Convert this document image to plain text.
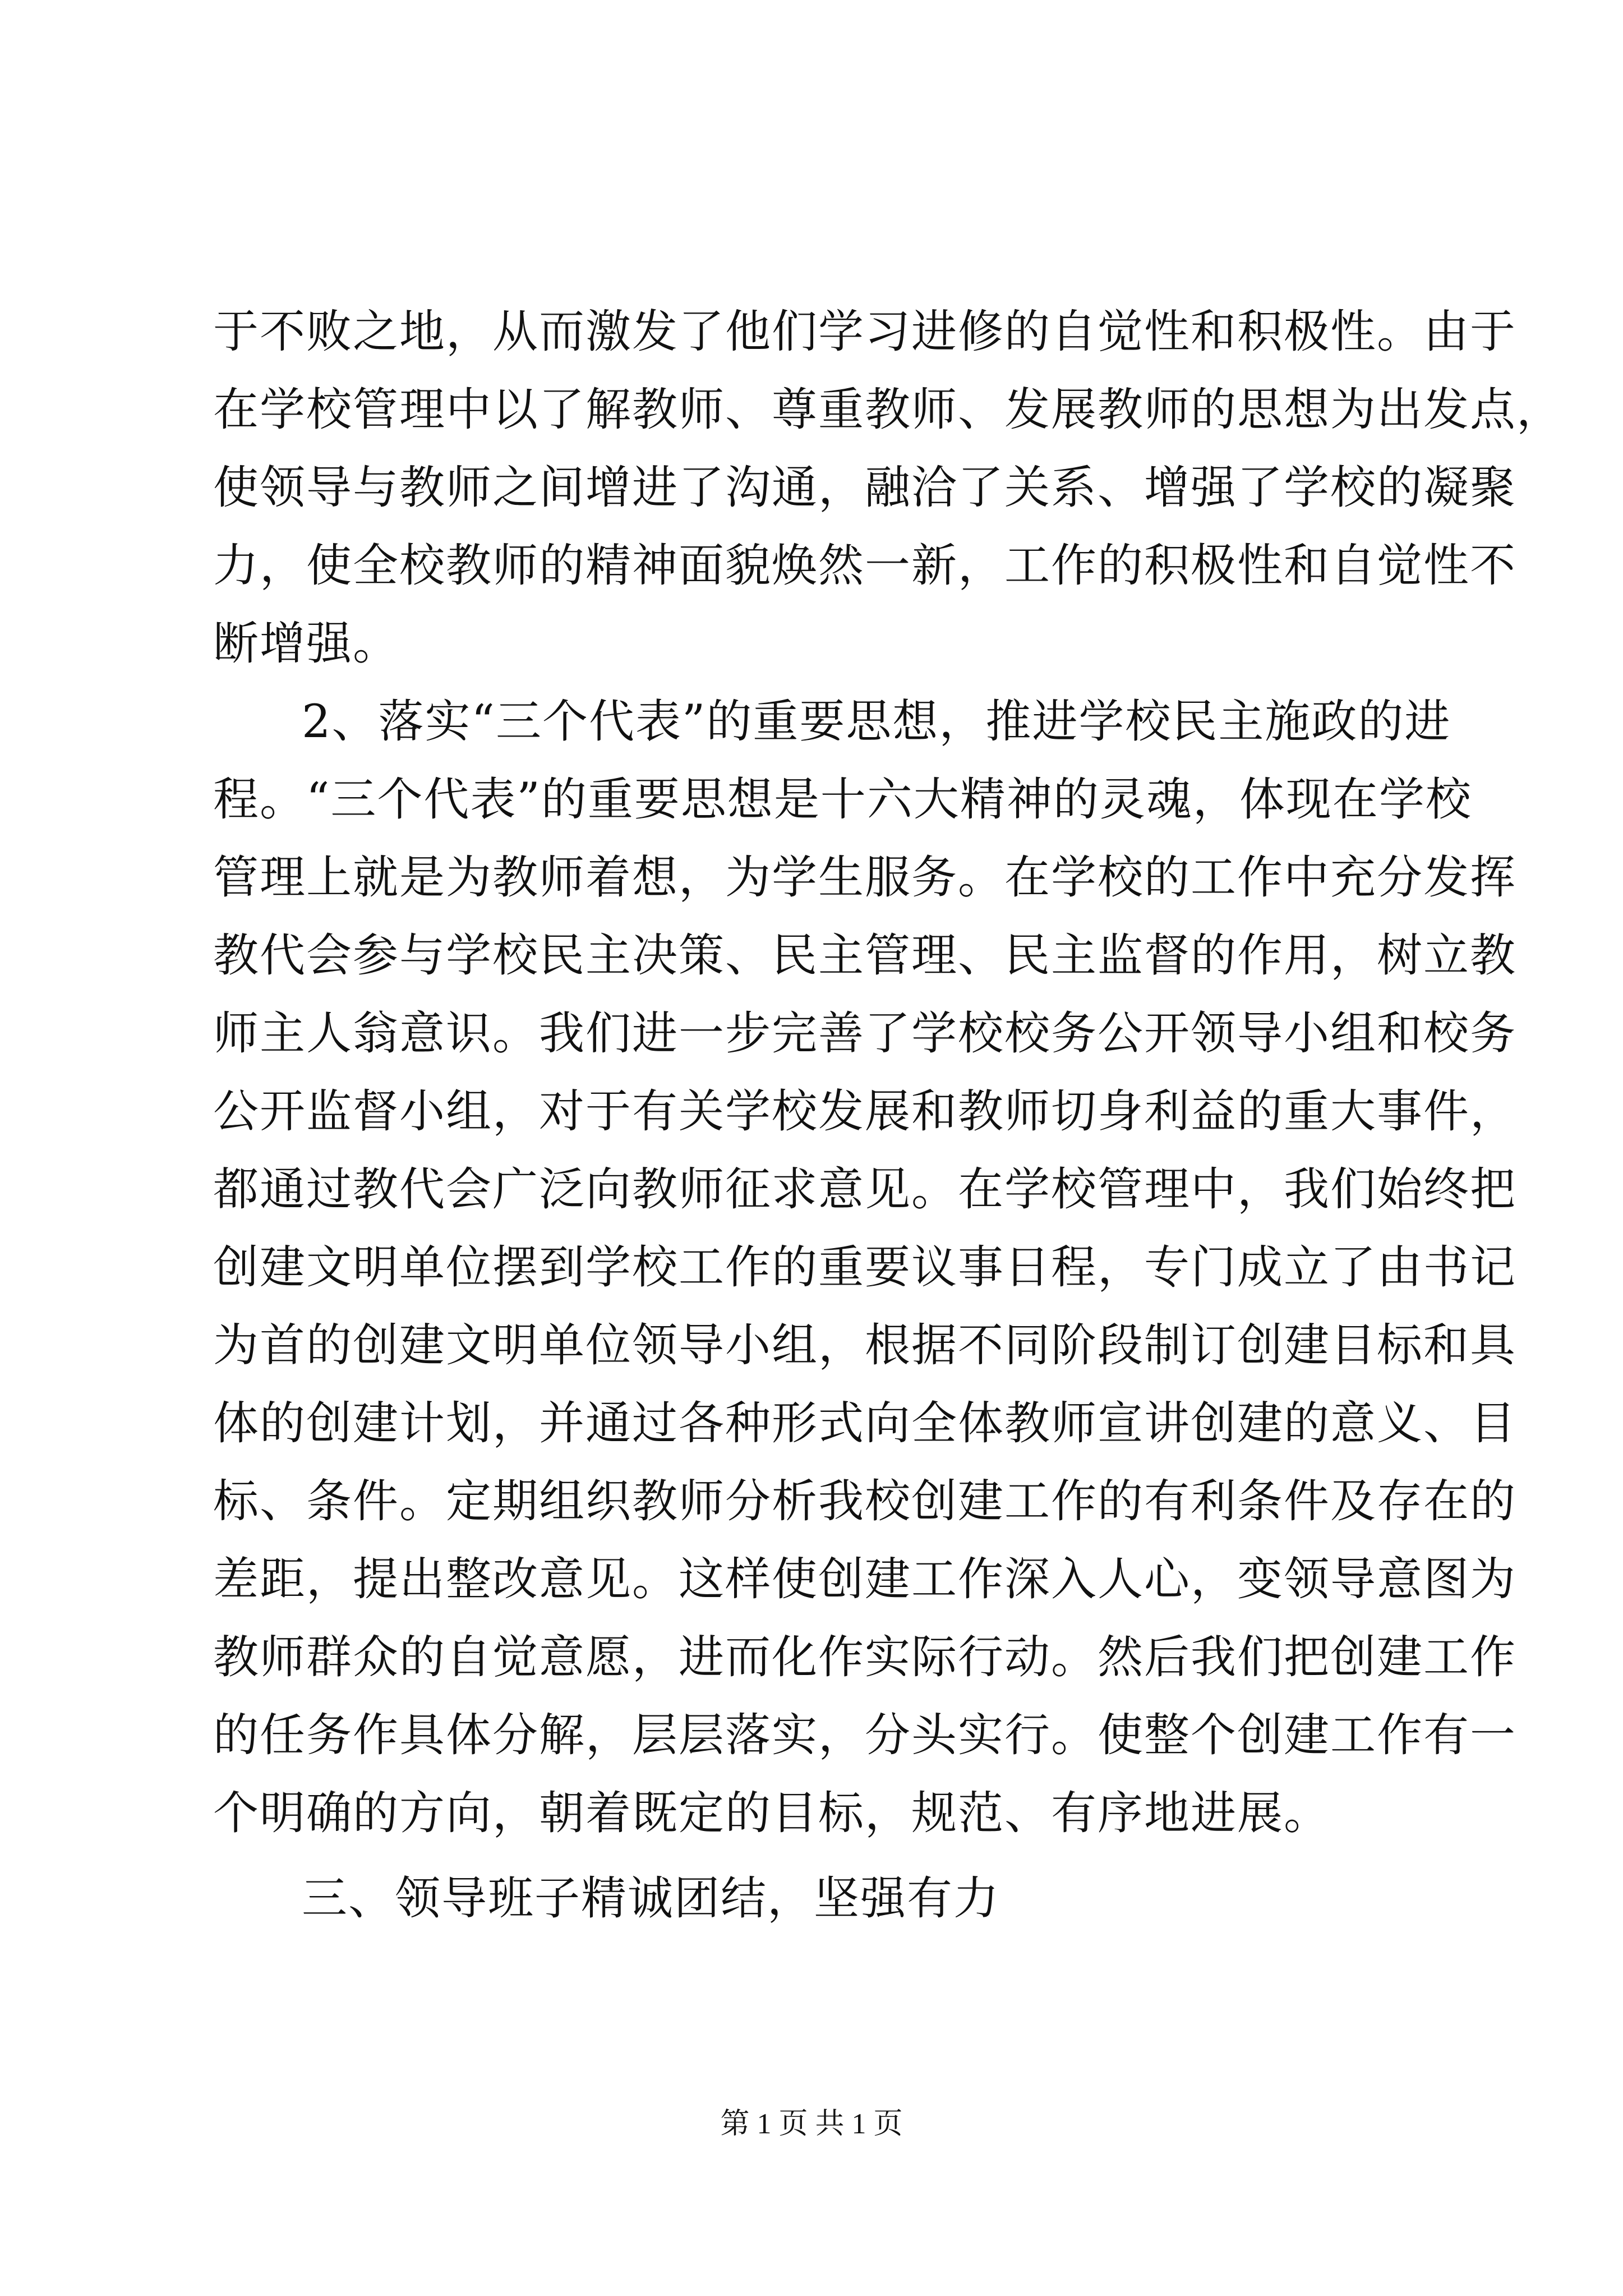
于不败之地，从而激发了他们学习进修的自觉性和积极性。由于
在学校管理中以了解教师、尊重教师、发展教师的思想为出发点，
使领导与教师之间增进了沟通，融洽了关系、增强了学校的凝聚
力，使全校教师的精神面貌焕然一新，工作的积极性和自觉性不
断增强。
2、落实“三个代表”的重要思想，推进学校民主施政的进
程。“三个代表”的重要思想是十六大精神的灵魂，体现在学校
管理上就是为教师着想，为学生服务。在学校的工作中充分发挥
教代会参与学校民主决策、民主管理、民主监督的作用，树立教
师主人翁意识。我们进一步完善了学校校务公开领导小组和校务
公开监督小组，对于有关学校发展和教师切身利益的重大事件，
都通过教代会广泛向教师征求意见。在学校管理中，我们始终把
创建文明单位摆到学校工作的重要议事日程，专门成立了由书记
为首的创建文明单位领导小组，根据不同阶段制订创建目标和具
体的创建计划，并通过各种形式向全体教师宣讲创建的意义、目
标、条件。定期组织教师分析我校创建工作的有利条件及存在的
差距，提出整改意见。这样使创建工作深入人心，变领导意图为
教师群众的自觉意愿，进而化作实际行动。然后我们把创建工作
的任务作具体分解，层层落实，分头实行。使整个创建工作有一
个明确的方向，朝着既定的目标，规范、有序地进展。
三、领导班子精诚团结，坚强有力
第 1 页 共 1 页
